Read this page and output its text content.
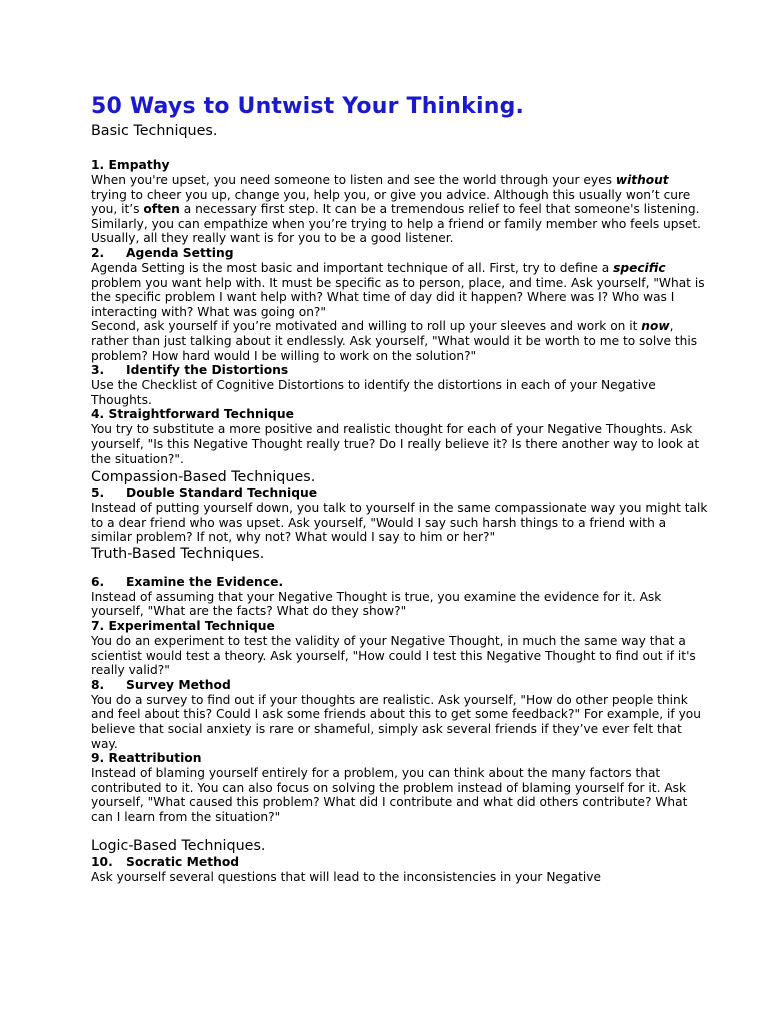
50 Ways to Untwist Your Thinking.
Basic Techniques.

1. Empathy

When you're upset, you need someone to listen and see the world through your eyes without trying to cheer you up, change you, help you, or give you advice. Although this usually won’t cure you, it’s often a necessary first step. It can be a tremendous relief to feel that someone's listening.

Similarly, you can empathize when you’re trying to help a friend or family member who feels upset. Usually, all they really want is for you to be a good listener.

2. Agenda Setting

Agenda Setting is the most basic and important technique of all. First, try to define a specific problem you want help with. It must be specific as to person, place, and time. Ask yourself, "What is the specific problem I want help with? What time of day did it happen? Where was I? Who was I interacting with? What was going on?"

Second, ask yourself if you’re motivated and willing to roll up your sleeves and work on it now, rather than just talking about it endlessly. Ask yourself, "What would it be worth to me to solve this problem? How hard would I be willing to work on the solution?"

3. Identify the Distortions

Use the Checklist of Cognitive Distortions to identify the distortions in each of your Negative Thoughts.

4. Straightforward Technique

You try to substitute a more positive and realistic thought for each of your Negative Thoughts. Ask yourself, "Is this Negative Thought really true? Do I really believe it? Is there another way to look at the situation?".

Compassion-Based Techniques.

5. Double Standard Technique

Instead of putting yourself down, you talk to yourself in the same compassionate way you might talk to a dear friend who was upset. Ask yourself, "Would I say such harsh things to a friend with a similar problem? If not, why not? What would I say to him or her?"

Truth-Based Techniques.

6. Examine the Evidence.

Instead of assuming that your Negative Thought is true, you examine the evidence for it. Ask yourself, "What are the facts? What do they show?"

7. Experimental Technique

You do an experiment to test the validity of your Negative Thought, in much the same way that a scientist would test a theory. Ask yourself, "How could I test this Negative Thought to find out if it's really valid?"

8. Survey Method

You do a survey to find out if your thoughts are realistic. Ask yourself, "How do other people think and feel about this? Could I ask some friends about this to get some feedback?" For example, if you believe that social anxiety is rare or shameful, simply ask several friends if they’ve ever felt that way.

9. Reattribution

Instead of blaming yourself entirely for a problem, you can think about the many factors that contributed to it. You can also focus on solving the problem instead of blaming yourself for it. Ask yourself, "What caused this problem? What did I contribute and what did others contribute? What can I learn from the situation?"

Logic-Based Techniques.

10. Socratic Method

Ask yourself several questions that will lead to the inconsistencies in your Negative
